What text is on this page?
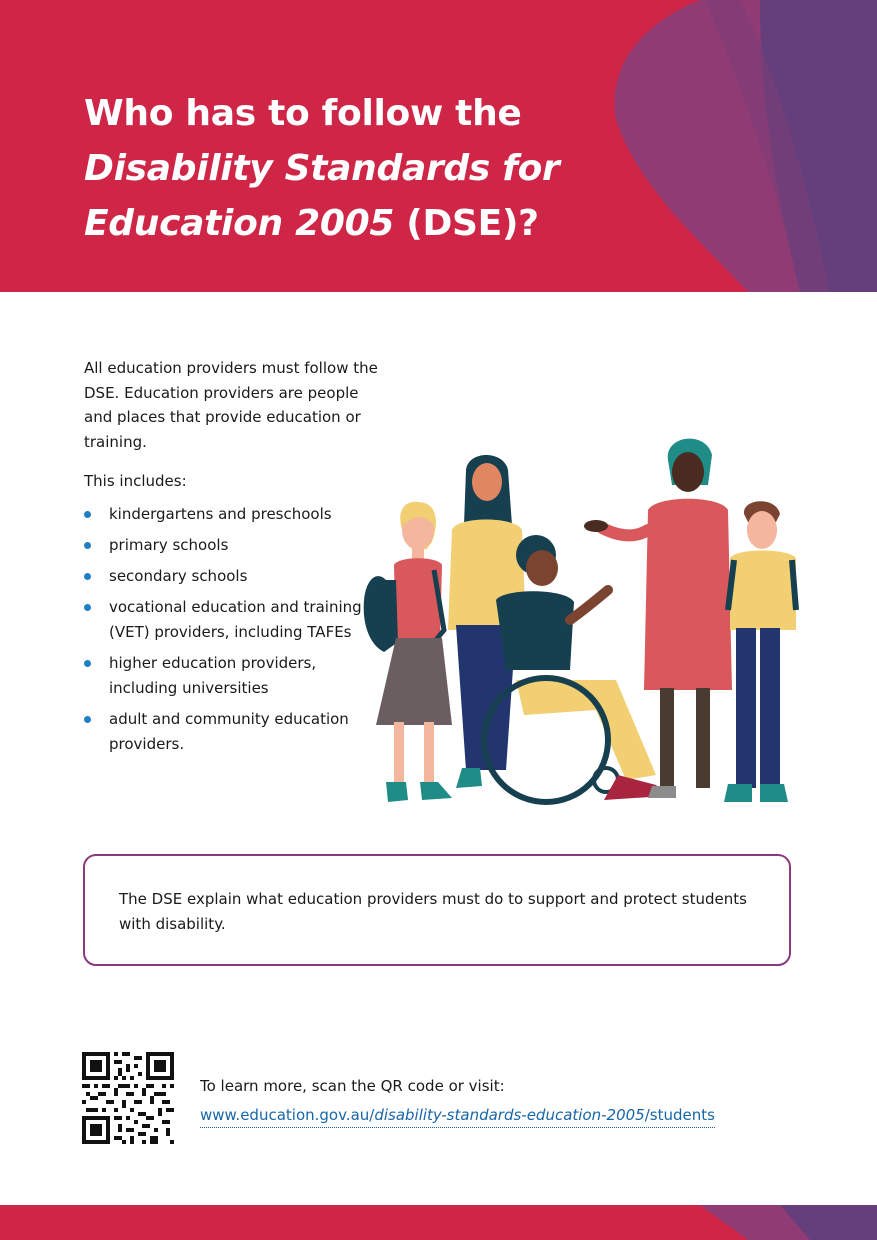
Who has to follow the
Disability Standards for Education 2005 (DSE)?

All education providers must follow the DSE. Education providers are people and places that provide education or training.

This includes:

kindergartens and preschools
primary schools
secondary schools
vocational education and training (VET) providers, including TAFEs
higher education providers, including universities
adult and community education providers.

The DSE explain what education providers must do to support and protect students with disability.

To learn more, scan the QR code or visit:

www.education.gov.au/disability-standards-education-2005/students
